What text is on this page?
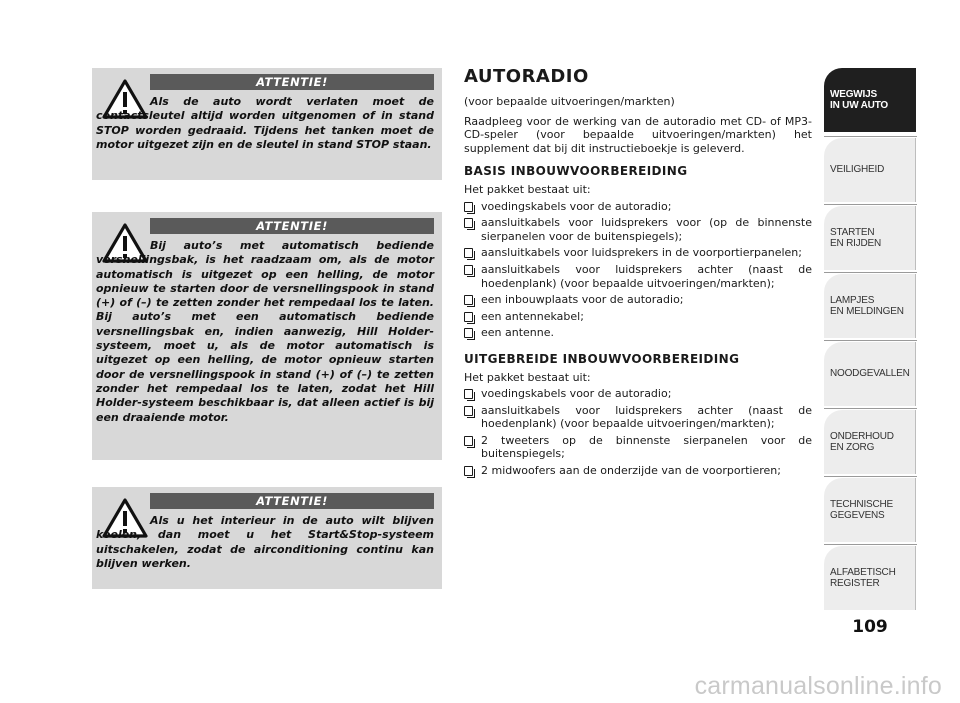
ATTENTIE!
Als de auto wordt verlaten moet de contactsleutel altijd worden uitgenomen of in stand STOP worden gedraaid. Tijdens het tanken moet de motor uitgezet zijn en de sleutel in stand STOP staan.
ATTENTIE!
Bij auto’s met automatisch bediende versnellingsbak, is het raadzaam om, als de motor automatisch is uitgezet op een helling, de motor opnieuw te starten door de versnellingspook in stand (+) of (–) te zetten zonder het rempedaal los te laten. Bij auto’s met een automatisch bediende versnellingsbak en, indien aanwezig, Hill Holder-systeem, moet u, als de motor automatisch is uitgezet op een helling, de motor opnieuw starten door de versnellingspook in stand (+) of (–) te zetten zonder het rempedaal los te laten, zodat het Hill Holder-systeem beschikbaar is, dat alleen actief is bij een draaiende motor.
ATTENTIE!
Als u het interieur in de auto wilt blijven koelen, dan moet u het Start&Stop-systeem uitschakelen, zodat de airconditioning continu kan blijven werken.
AUTORADIO
(voor bepaalde uitvoeringen/markten)
Raadpleeg voor de werking van de autoradio met CD- of MP3-CD-speler (voor bepaalde uitvoeringen/markten) het supplement dat bij dit instructieboekje is geleverd.
BASIS INBOUWVOORBEREIDING
Het pakket bestaat uit:
voedingskabels voor de autoradio;
aansluitkabels voor luidsprekers voor (op de binnenste sierpanelen voor de buitenspiegels);
aansluitkabels voor luidsprekers in de voorportierpanelen;
aansluitkabels voor luidsprekers achter (naast de hoedenplank) (voor bepaalde uitvoeringen/markten);
een inbouwplaats voor de autoradio;
een antennekabel;
een antenne.
UITGEBREIDE INBOUWVOORBEREIDING
Het pakket bestaat uit:
voedingskabels voor de autoradio;
aansluitkabels voor luidsprekers achter (naast de hoedenplank) (voor bepaalde uitvoeringen/markten);
2 tweeters op de binnenste sierpanelen voor de buitenspiegels;
2 midwoofers aan de onderzijde van de voorportieren;
WEGWIJS
IN UW AUTO
VEILIGHEID
STARTEN
EN RIJDEN
LAMPJES
EN MELDINGEN
NOODGEVALLEN
ONDERHOUD
EN ZORG
TECHNISCHE
GEGEVENS
ALFABETISCH
REGISTER
109
carmanualsonline.info
